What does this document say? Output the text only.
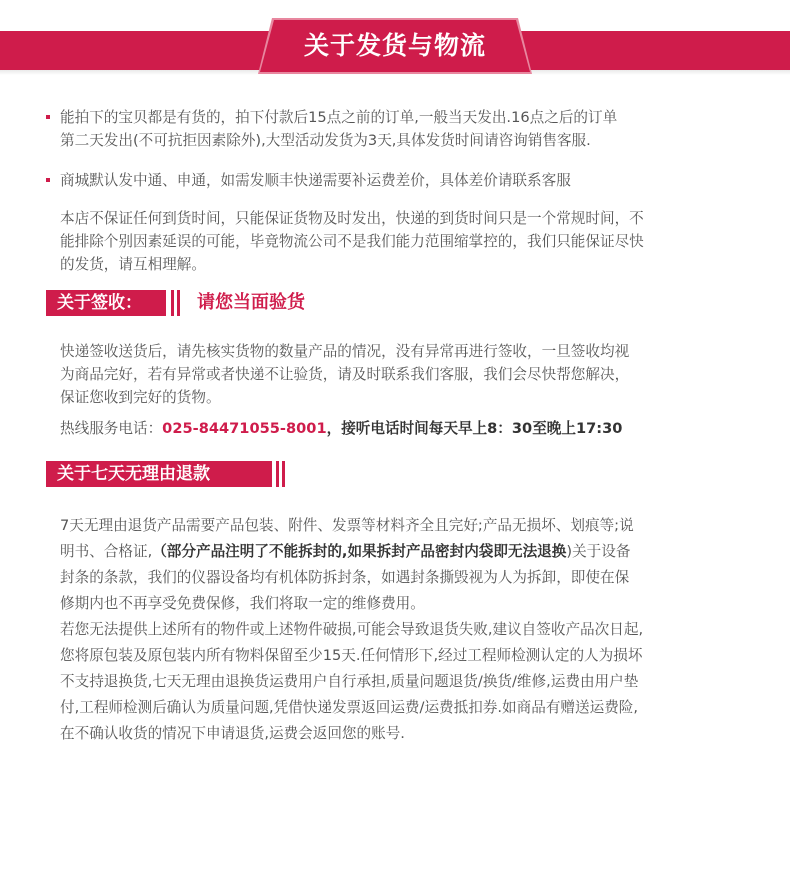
关于发货与物流
能拍下的宝贝都是有货的，拍下付款后15点之前的订单,一般当天发出.16点之后的订单
第二天发出(不可抗拒因素除外),大型活动发货为3天,具体发货时间请咨询销售客服.
商城默认发中通、申通，如需发顺丰快递需要补运费差价，具体差价请联系客服
本店不保证任何到货时间，只能保证货物及时发出，快递的到货时间只是一个常规时间，不
能排除个别因素延误的可能，毕竟物流公司不是我们能力范围缩掌控的，我们只能保证尽快
的发货，请互相理解。
关于签收：	请您当面验货
快递签收送货后，请先核实货物的数量产品的情况，没有异常再进行签收，一旦签收均视
为商品完好，若有异常或者快递不让验货，请及时联系我们客服，我们会尽快帮您解决，
保证您收到完好的货物。
热线服务电话：025-84471055-8001，接听电话时间每天早上8：30至晚上17:30
关于七天无理由退款
7天无理由退货产品需要产品包装、附件、发票等材料齐全且完好;产品无损坏、划痕等;说
明书、合格证,（部分产品注明了不能拆封的,如果拆封产品密封内袋即无法退换)关于设备
封条的条款，我们的仪器设备均有机体防拆封条，如遇封条撕毁视为人为拆卸，即使在保
修期内也不再享受免费保修，我们将取一定的维修费用。
若您无法提供上述所有的物件或上述物件破损,可能会导致退货失败,建议自签收产品次日起,
您将原包装及原包装内所有物料保留至少15天.任何情形下,经过工程师检测认定的人为损坏
不支持退换货,七天无理由退换货运费用户自行承担,质量问题退货/换货/维修,运费由用户垫
付,工程师检测后确认为质量问题,凭借快递发票返回运费/运费抵扣券.如商品有赠送运费险,
在不确认收货的情况下申请退货,运费会返回您的账号.
